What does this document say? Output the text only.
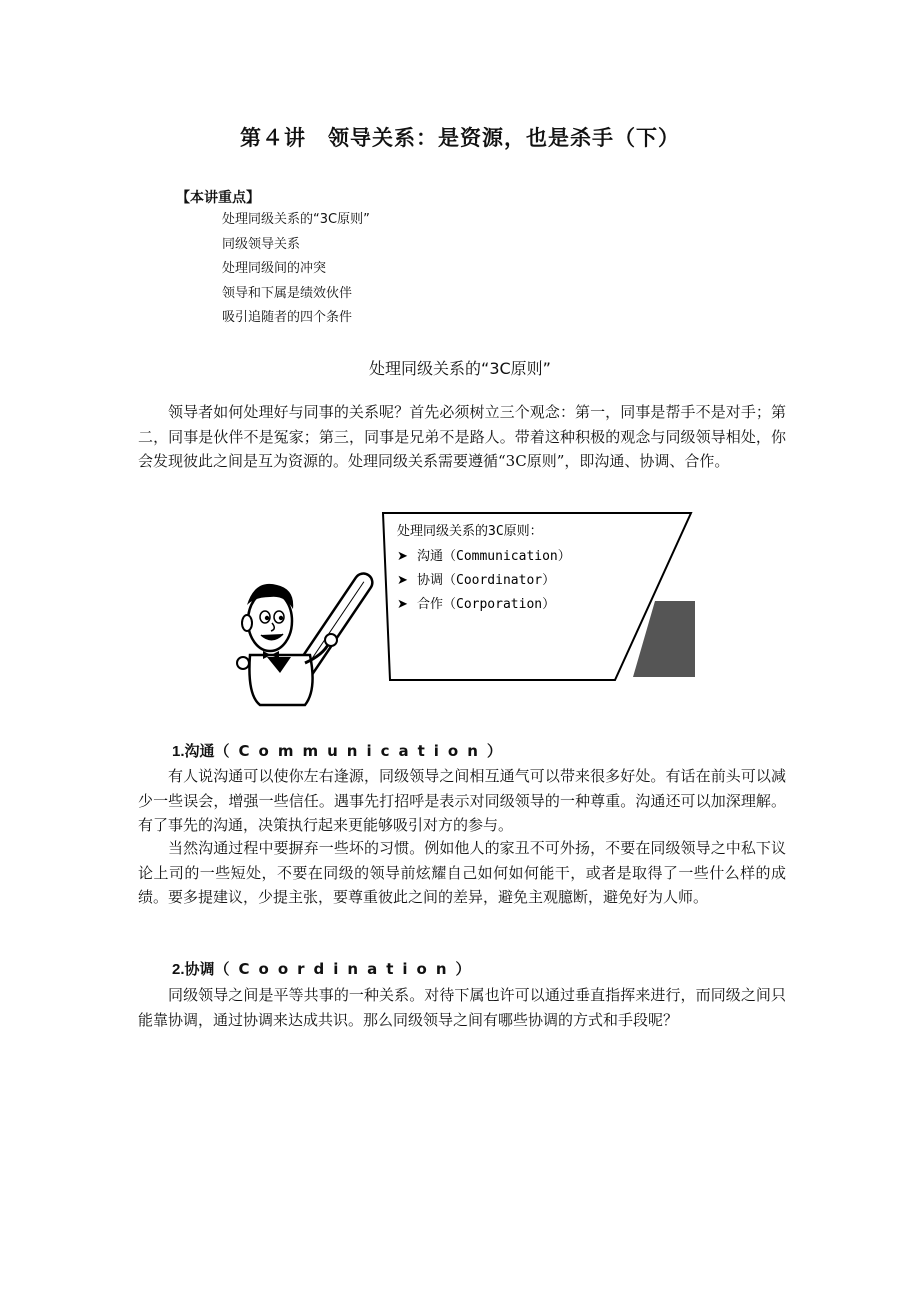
第４讲　领导关系：是资源，也是杀手（下）
【本讲重点】
处理同级关系的“3C原则”
同级领导关系
处理同级间的冲突
领导和下属是绩效伙伴
吸引追随者的四个条件
处理同级关系的“3C原则”

领导者如何处理好与同事的关系呢？首先必须树立三个观念：第一，同事是帮手不是对手；第二，同事是伙伴不是冤家；第三，同事是兄弟不是路人。带着这种积极的观念与同级领导相处，你会发现彼此之间是互为资源的。处理同级关系需要遵循“3C原则”，即沟通、协调、合作。

处理同级关系的3C原则：
➤ 沟通（Communication）
➤ 协调（Coordinator）
➤ 合作（Corporation）
1.沟通（Communication）

有人说沟通可以使你左右逢源，同级领导之间相互通气可以带来很多好处。有话在前头可以减少一些误会，增强一些信任。遇事先打招呼是表示对同级领导的一种尊重。沟通还可以加深理解。有了事先的沟通，决策执行起来更能够吸引对方的参与。

当然沟通过程中要摒弃一些坏的习惯。例如他人的家丑不可外扬，不要在同级领导之中私下议论上司的一些短处，不要在同级的领导前炫耀自己如何如何能干，或者是取得了一些什么样的成绩。要多提建议，少提主张，要尊重彼此之间的差异，避免主观臆断，避免好为人师。

2.协调（Coordination）

同级领导之间是平等共事的一种关系。对待下属也许可以通过垂直指挥来进行，而同级之间只能靠协调，通过协调来达成共识。那么同级领导之间有哪些协调的方式和手段呢？
